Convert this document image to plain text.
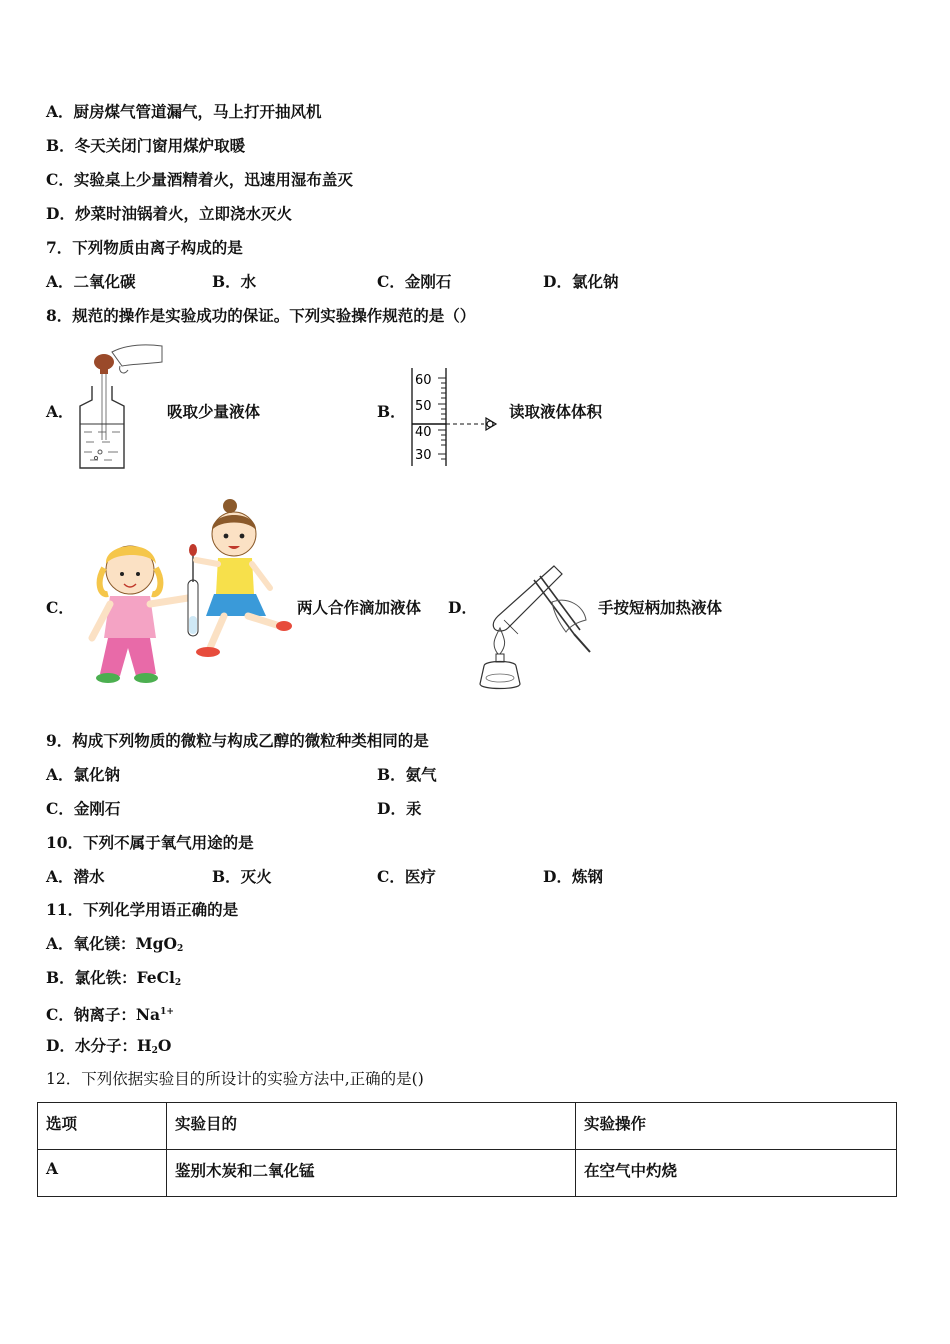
A．厨房煤气管道漏气，马上打开抽风机
B．冬天关闭门窗用煤炉取暖
C．实验桌上少量酒精着火，迅速用湿布盖灭
D．炒菜时油锅着火，立即浇水灭火
7．下列物质由离子构成的是
A．二氧化碳	B．水	C．金刚石	D．氯化钠
8．规范的操作是实验成功的保证。下列实验操作规范的是（）
A．	吸取少量液体	B．
60
50
40
30
读取液体体积
C．	两人合作滴加液体 D．	手按短柄加热液体
9．构成下列物质的微粒与构成乙醇的微粒种类相同的是
A．氯化钠	B．氨气
C．金刚石	D．汞
10．下列不属于氧气用途的是
A．潜水	B．灭火	C．医疗	D．炼钢
11．下列化学用语正确的是
A．氧化镁：MgO$_2$
B．氯化铁：FeCl$_2$
C．钠离子：$Na^{1+}$
D．水分子：$H_2O$
12．下列依据实验目的所设计的实验方法中,正确的是()
选项	实验目的	实验操作

A	鉴别木炭和二氧化锰	在空气中灼烧
